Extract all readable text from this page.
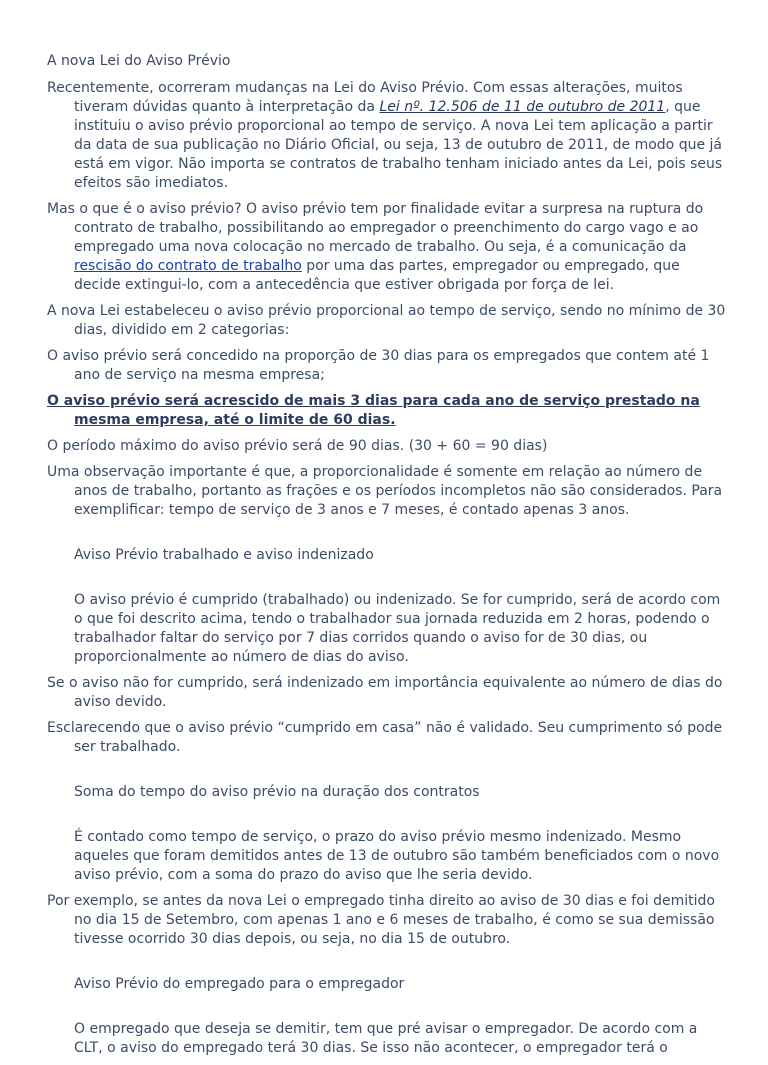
A nova Lei do Aviso Prévio
Recentemente, ocorreram mudanças na Lei do Aviso Prévio. Com essas alterações, muitos tiveram dúvidas quanto à interpretação da Lei nº. 12.506 de 11 de outubro de 2011, que instituiu o aviso prévio proporcional ao tempo de serviço. A nova Lei tem aplicação a partir da data de sua publicação no Diário Oficial, ou seja, 13 de outubro de 2011, de modo que já está em vigor. Não importa se contratos de trabalho tenham iniciado antes da Lei, pois seus efeitos são imediatos.
Mas o que é o aviso prévio? O aviso prévio tem por finalidade evitar a surpresa na ruptura do contrato de trabalho, possibilitando ao empregador o preenchimento do cargo vago e ao empregado uma nova colocação no mercado de trabalho. Ou seja, é a comunicação da rescisão do contrato de trabalho por uma das partes, empregador ou empregado, que decide extingui-lo, com a antecedência que estiver obrigada por força de lei.
A nova Lei estabeleceu o aviso prévio proporcional ao tempo de serviço, sendo no mínimo de 30 dias, dividido em 2 categorias:
O aviso prévio será concedido na proporção de 30 dias para os empregados que contem até 1 ano de serviço na mesma empresa;
O aviso prévio será acrescido de mais 3 dias para cada ano de serviço prestado na mesma empresa, até o limite de 60 dias.
O período máximo do aviso prévio será de 90 dias. (30 + 60 = 90 dias)
Uma observação importante é que, a proporcionalidade é somente em relação ao número de anos de trabalho, portanto as frações e os períodos incompletos não são considerados. Para exemplificar: tempo de serviço de 3 anos e 7 meses, é contado apenas 3 anos.
Aviso Prévio trabalhado e aviso indenizado
O aviso prévio é cumprido (trabalhado) ou indenizado. Se for cumprido, será de acordo com o que foi descrito acima, tendo o trabalhador sua jornada reduzida em 2 horas, podendo o trabalhador faltar do serviço por 7 dias corridos quando o aviso for de 30 dias, ou proporcionalmente ao número de dias do aviso.
Se o aviso não for cumprido, será indenizado em importância equivalente ao número de dias do aviso devido.
Esclarecendo que o aviso prévio “cumprido em casa” não é validado. Seu cumprimento só pode ser trabalhado.
Soma do tempo do aviso prévio na duração dos contratos
É contado como tempo de serviço, o prazo do aviso prévio mesmo indenizado. Mesmo aqueles que foram demitidos antes de 13 de outubro são também beneficiados com o novo aviso prévio, com a soma do prazo do aviso que lhe seria devido.
Por exemplo, se antes da nova Lei o empregado tinha direito ao aviso de 30 dias e foi demitido no dia 15 de Setembro, com apenas 1 ano e 6 meses de trabalho, é como se sua demissão tivesse ocorrido 30 dias depois, ou seja, no dia 15 de outubro.
Aviso Prévio do empregado para o empregador
O empregado que deseja se demitir, tem que pré avisar o empregador. De acordo com a CLT, o aviso do empregado terá 30 dias. Se isso não acontecer, o empregador terá o
